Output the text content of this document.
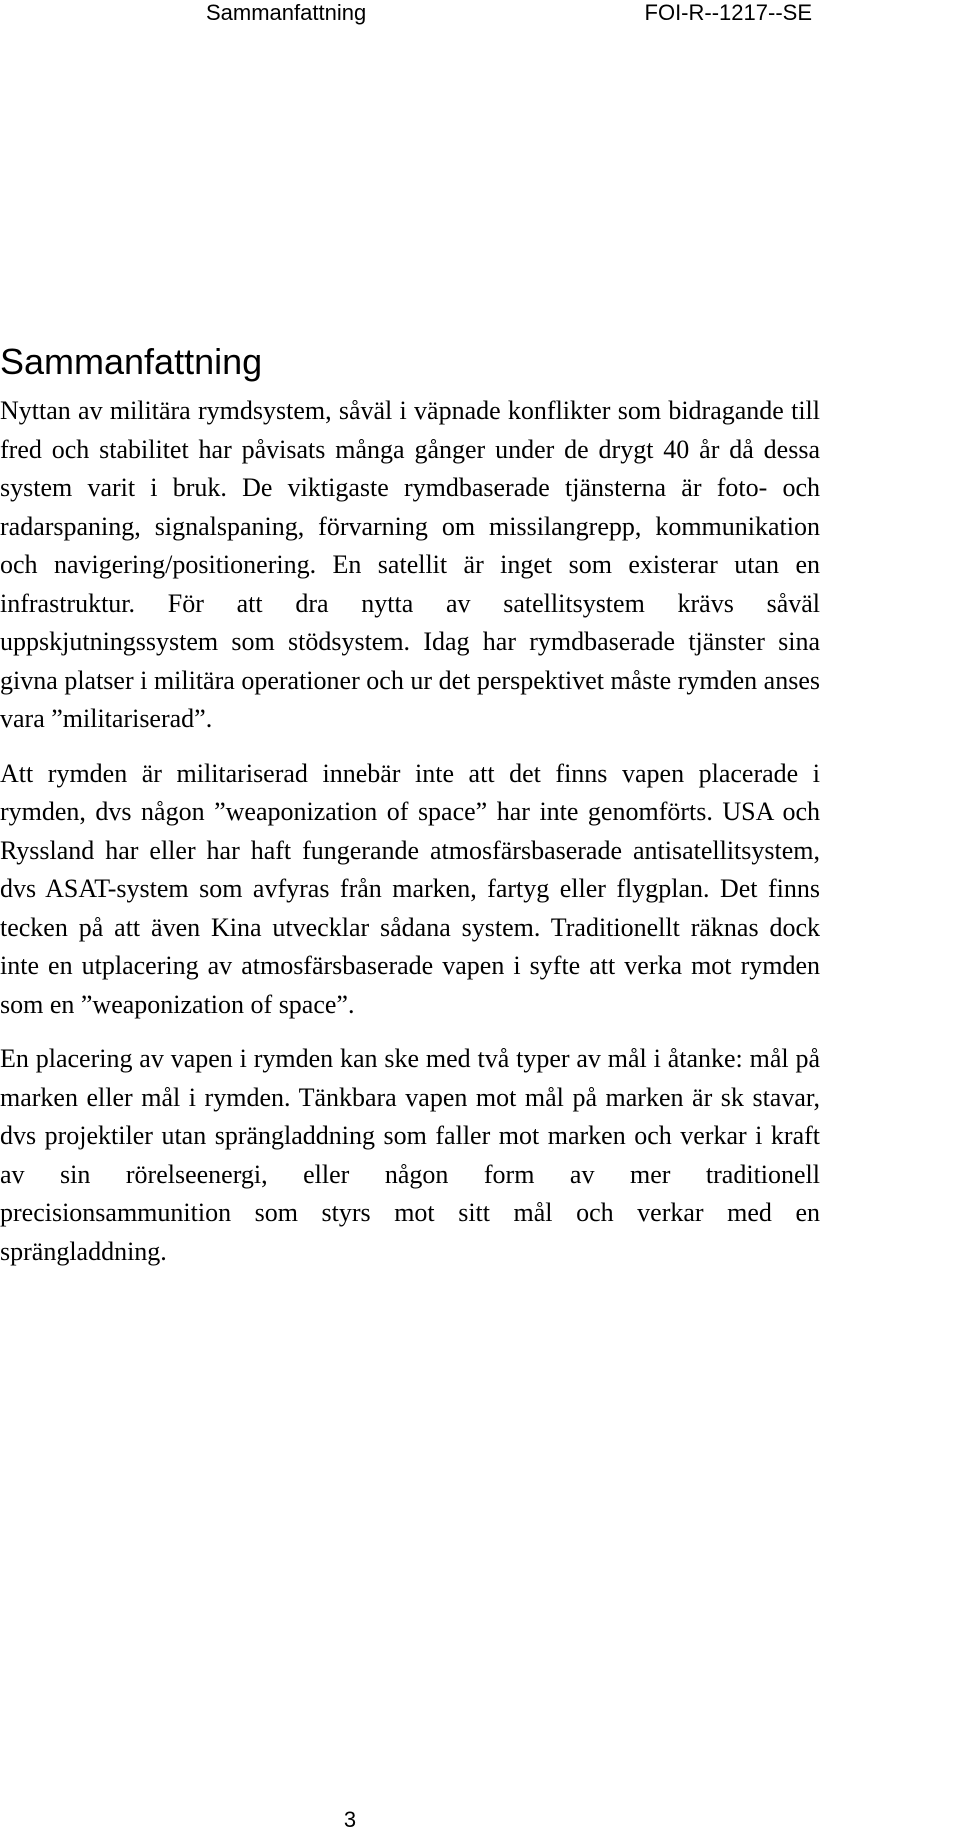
Sammanfattning	FOI-R--1217--SE
Sammanfattning

Nyttan av militära rymdsystem, såväl i väpnade konflikter som bidragande till fred och stabilitet har påvisats många gånger under de drygt 40 år då dessa system varit i bruk. De viktigaste rymdbaserade tjänsterna är foto- och radarspaning, signalspaning, förvarning om missilangrepp, kommunikation och navigering/positionering. En satellit är inget som existerar utan en infrastruktur. För att dra nytta av satellitsystem krävs såväl uppskjutningssystem som stödsystem. Idag har rymdbaserade tjänster sina givna platser i militära operationer och ur det perspektivet måste rymden anses vara ”militariserad”.

Att rymden är militariserad innebär inte att det finns vapen placerade i rymden, dvs någon ”weaponization of space” har inte genomförts. USA och Ryssland har eller har haft fungerande atmosfärsbaserade antisatellitsystem, dvs ASAT-system som avfyras från marken, fartyg eller flygplan. Det finns tecken på att även Kina utvecklar sådana system. Traditionellt räknas dock inte en utplacering av atmosfärsbaserade vapen i syfte att verka mot rymden som en ”weaponization of space”.

En placering av vapen i rymden kan ske med två typer av mål i åtanke: mål på marken eller mål i rymden. Tänkbara vapen mot mål på marken är sk stavar, dvs projektiler utan sprängladdning som faller mot marken och verkar i kraft av sin rörelseenergi, eller någon form av mer traditionell precisionsammunition som styrs mot sitt mål och verkar med en sprängladdning.

3
